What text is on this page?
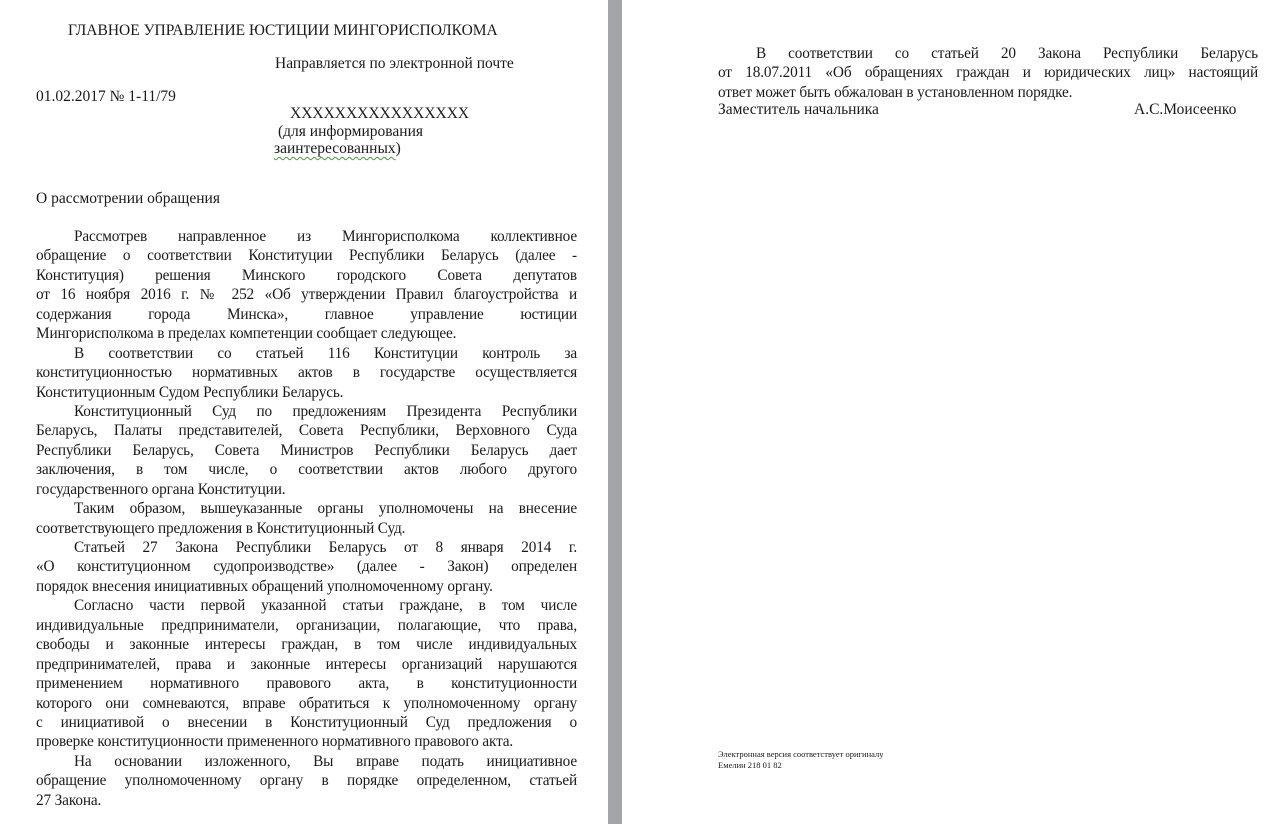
ГЛАВНОЕ УПРАВЛЕНИЕ ЮСТИЦИИ МИНГОРИСПОЛКОМА
Направляется по электронной почте
01.02.2017 № 1-11/79
XXXXXXXXXXXXXXXX
(для информирования
заинтересованных)
О рассмотрении обращения
Рассмотрев направленное из Мингорисполкома коллективное
обращение о соответствии Конституции Республики Беларусь (далее -
Конституция) решения Минского городского Совета депутатов
от 16 ноября 2016 г. № 252 «Об утверждении Правил благоустройства и
содержания города Минска», главное управление юстиции
Мингорисполкома в пределах компетенции сообщает следующее.
В соответствии со статьей 116 Конституции контроль за
конституционностью нормативных актов в государстве осуществляется
Конституционным Судом Республики Беларусь.
Конституционный Суд по предложениям Президента Республики
Беларусь, Палаты представителей, Совета Республики, Верховного Суда
Республики Беларусь, Совета Министров Республики Беларусь дает
заключения, в том числе, о соответствии актов любого другого
государственного органа Конституции.
Таким образом, вышеуказанные органы уполномочены на внесение
соответствующего предложения в Конституционный Суд.
Статьей 27 Закона Республики Беларусь от 8 января 2014 г.
«О конституционном судопроизводстве» (далее - Закон) определен
порядок внесения инициативных обращений уполномоченному органу.
Согласно части первой указанной статьи граждане, в том числе
индивидуальные предприниматели, организации, полагающие, что права,
свободы и законные интересы граждан, в том числе индивидуальных
предпринимателей, права и законные интересы организаций нарушаются
применением нормативного правового акта, в конституционности
которого они сомневаются, вправе обратиться к уполномоченному органу
с инициативой о внесении в Конституционный Суд предложения о
проверке конституционности примененного нормативного правового акта.
На основании изложенного, Вы вправе подать инициативное
обращение уполномоченному органу в порядке определенном, статьей
27 Закона.
В соответствии со статьей 20 Закона Республики Беларусь
от 18.07.2011 «Об обращениях граждан и юридических лиц» настоящий
ответ может быть обжалован в установленном порядке.
Заместитель начальника	А.С.Моисеенко
Электронная версия соответствует оригиналу
Емелин 218 01 82
